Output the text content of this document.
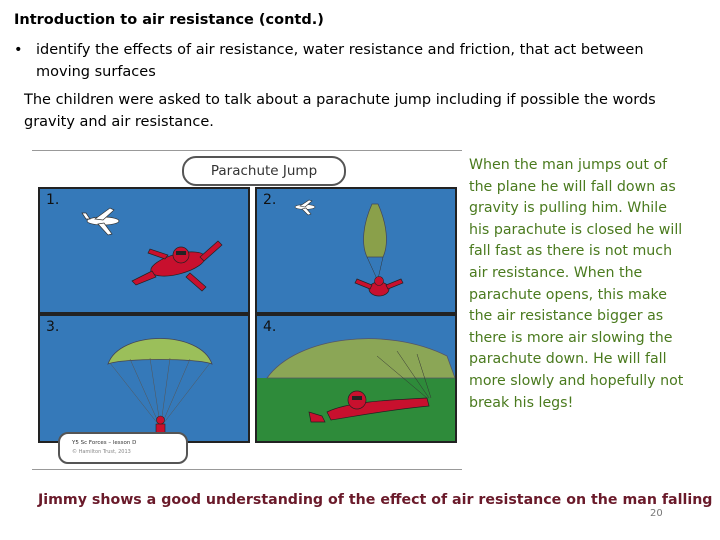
Introduction to air resistance (contd.)
• identify the effects of air resistance, water resistance and friction, that act between moving surfaces
The children were asked to talk about a parachute jump including if possible the words gravity and air resistance.
Parachute Jump
1.	2.
3.	4.
Y5 Sc Forces – lesson D
© Hamilton Trust, 2013
When the man jumps out of the plane he will fall down as gravity is pulling him. While his parachute is closed he will fall fast as there is not much air resistance. When the parachute opens, this make the air resistance bigger as there is more air slowing the parachute down. He will fall more slowly and hopefully not break his legs!
Jimmy shows a good understanding of the effect of air resistance on the man falling
20
